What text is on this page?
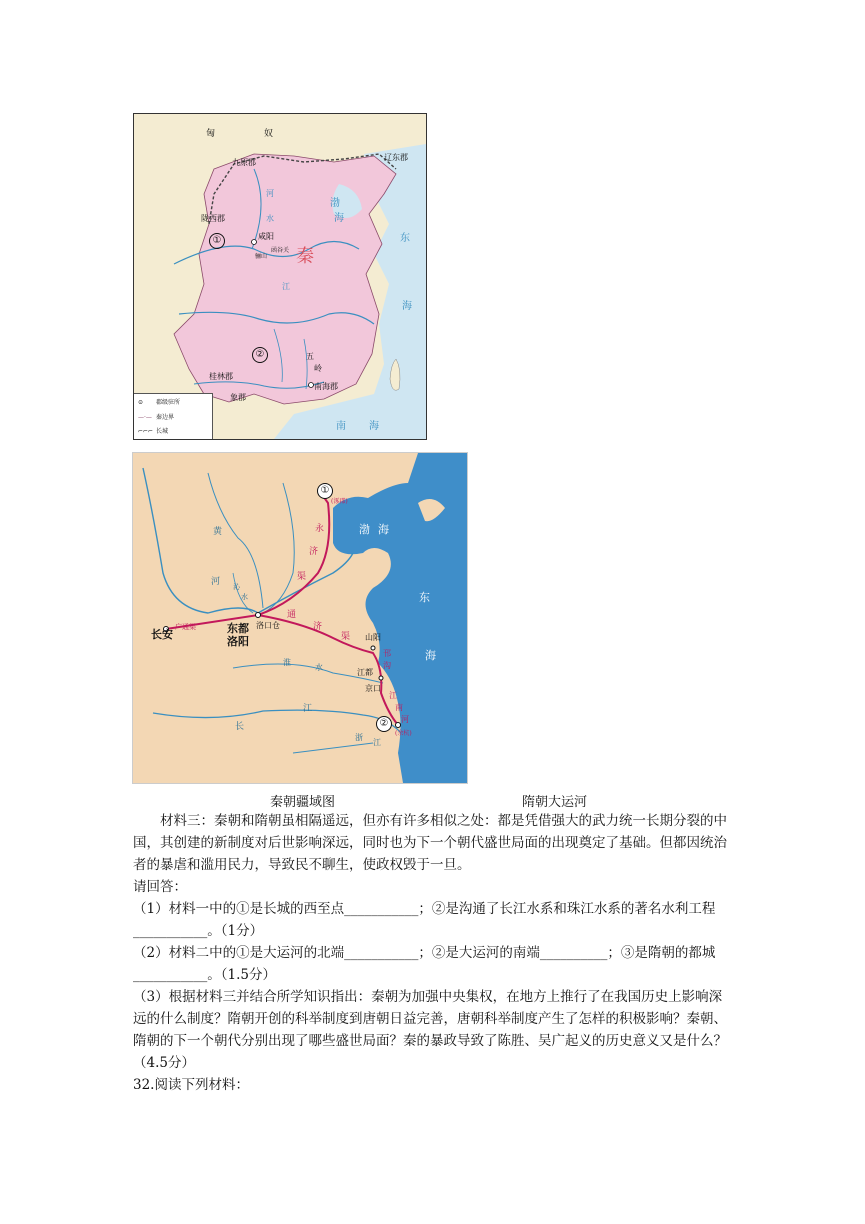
匈	奴
九原郡
辽东郡
陇西郡
咸阳
函谷关
骊山 秦
渤
海
东
海
南 海
河
水
江
五
岭
桂林郡
象郡
南海郡
①
②
⊙ 郡级驻所
—·— 秦边界
⌐⌐⌐ 长城
①
(涿郡)
②
(余杭)
长安	东都
洛阳
洛口仓
山阳
江都
京口
黄
河 沁
水
淮
水
长
江
浙
江
渤 海
东
海
永
济
渠
通
济
渠
邗
沟
江
南
河
广通渠
秦朝疆域图	隋朝大运河
材料三：秦朝和隋朝虽相隔遥远，但亦有许多相似之处：都是凭借强大的武力统一长期分裂的中国，其创建的新制度对后世影响深远，同时也为下一个朝代盛世局面的出现奠定了基础。但都因统治者的暴虐和滥用民力，导致民不聊生，使政权毁于一旦。
请回答：
（1）材料一中的①是长城的西至点___________；②是沟通了长江水系和珠江水系的著名水利工程___________。（1分）
（2）材料二中的①是大运河的北端___________；②是大运河的南端__________；③是隋朝的都城___________。（1.5分）
（3）根据材料三并结合所学知识指出：秦朝为加强中央集权，在地方上推行了在我国历史上影响深远的什么制度？隋朝开创的科举制度到唐朝日益完善，唐朝科举制度产生了怎样的积极影响？秦朝、隋朝的下一个朝代分别出现了哪些盛世局面？秦的暴政导致了陈胜、吴广起义的历史意义又是什么？（4.5分）
32.阅读下列材料：
